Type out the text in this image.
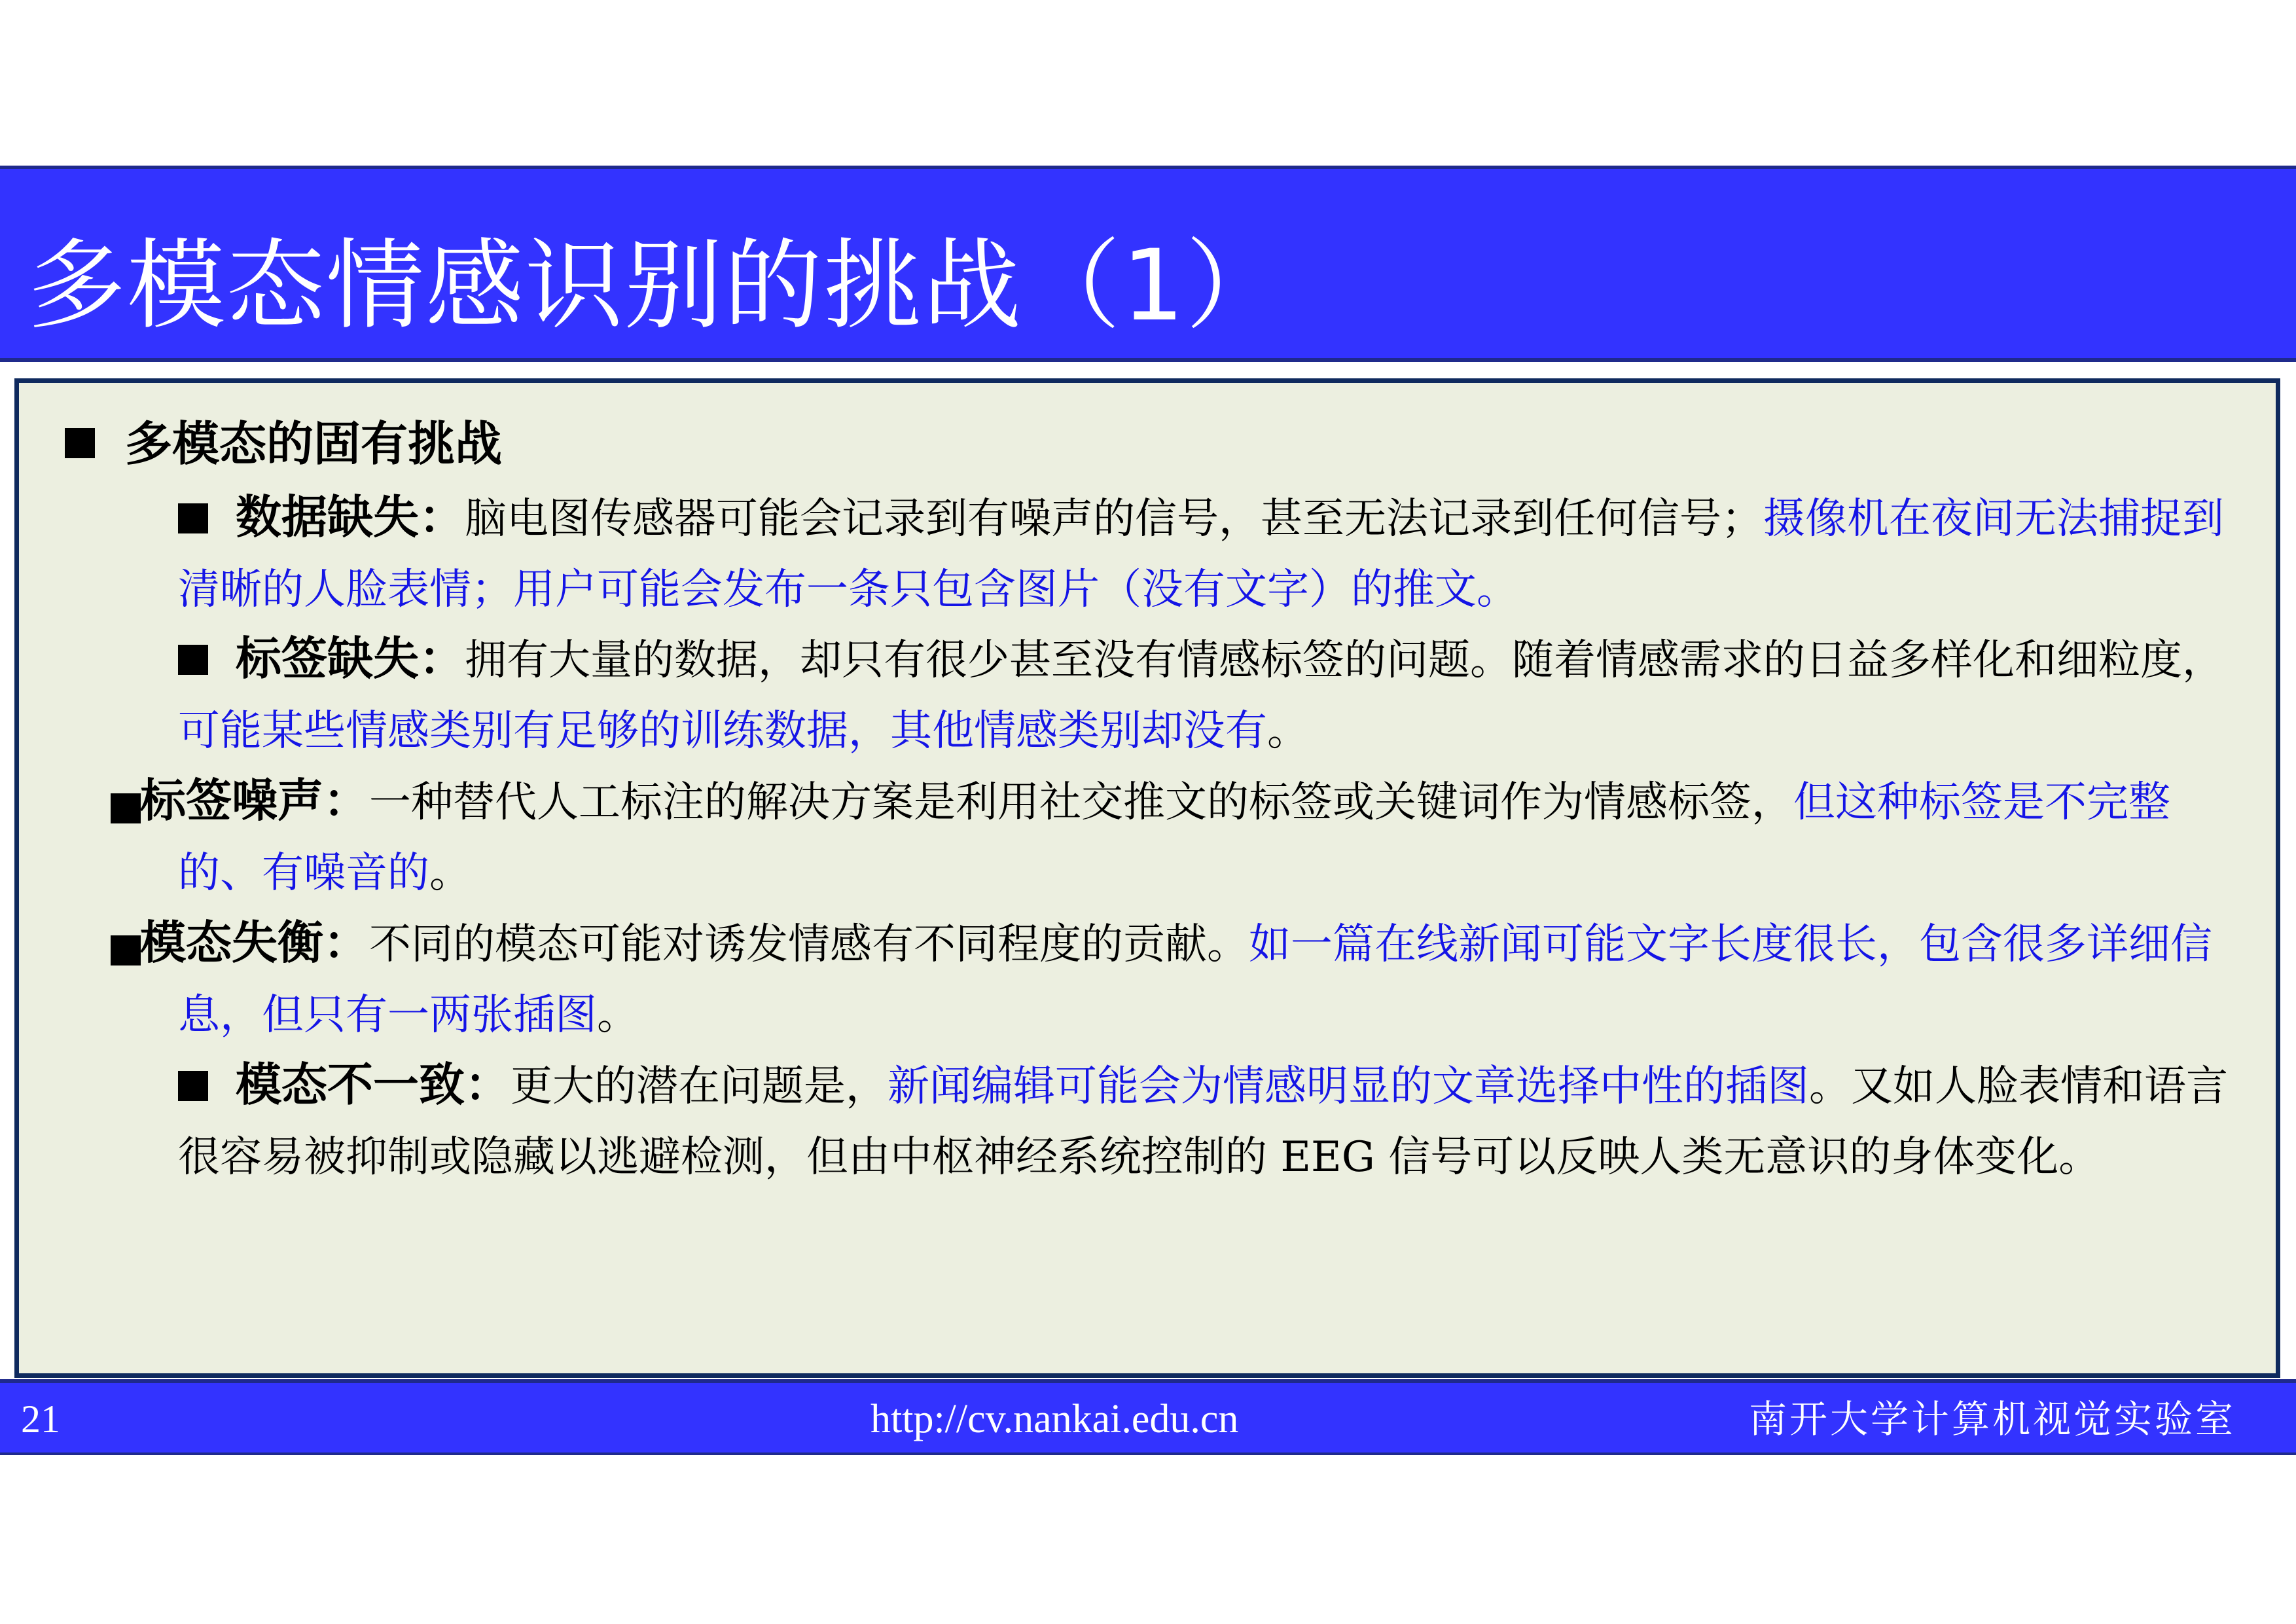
多模态情感识别的挑战（1）
多模态的固有挑战
数据缺失：脑电图传感器可能会记录到有噪声的信号，甚至无法记录到任何信号；摄像机在夜间无法捕捉到清晰的人脸表情；用户可能会发布一条只包含图片（没有文字）的推文。
标签缺失：拥有大量的数据，却只有很少甚至没有情感标签的问题。随着情感需求的日益多样化和细粒度，可能某些情感类别有足够的训练数据，其他情感类别却没有。
标签噪声：一种替代人工标注的解决方案是利用社交推文的标签或关键词作为情感标签，但这种标签是不完整的、有噪音的。
模态失衡：不同的模态可能对诱发情感有不同程度的贡献。如一篇在线新闻可能文字长度很长，包含很多详细信息，但只有一两张插图。
模态不一致：更大的潜在问题是，新闻编辑可能会为情感明显的文章选择中性的插图。又如人脸表情和语言很容易被抑制或隐藏以逃避检测，但由中枢神经系统控制的 EEG 信号可以反映人类无意识的身体变化。
21	http://cv.nankai.edu.cn	南开大学计算机视觉实验室
